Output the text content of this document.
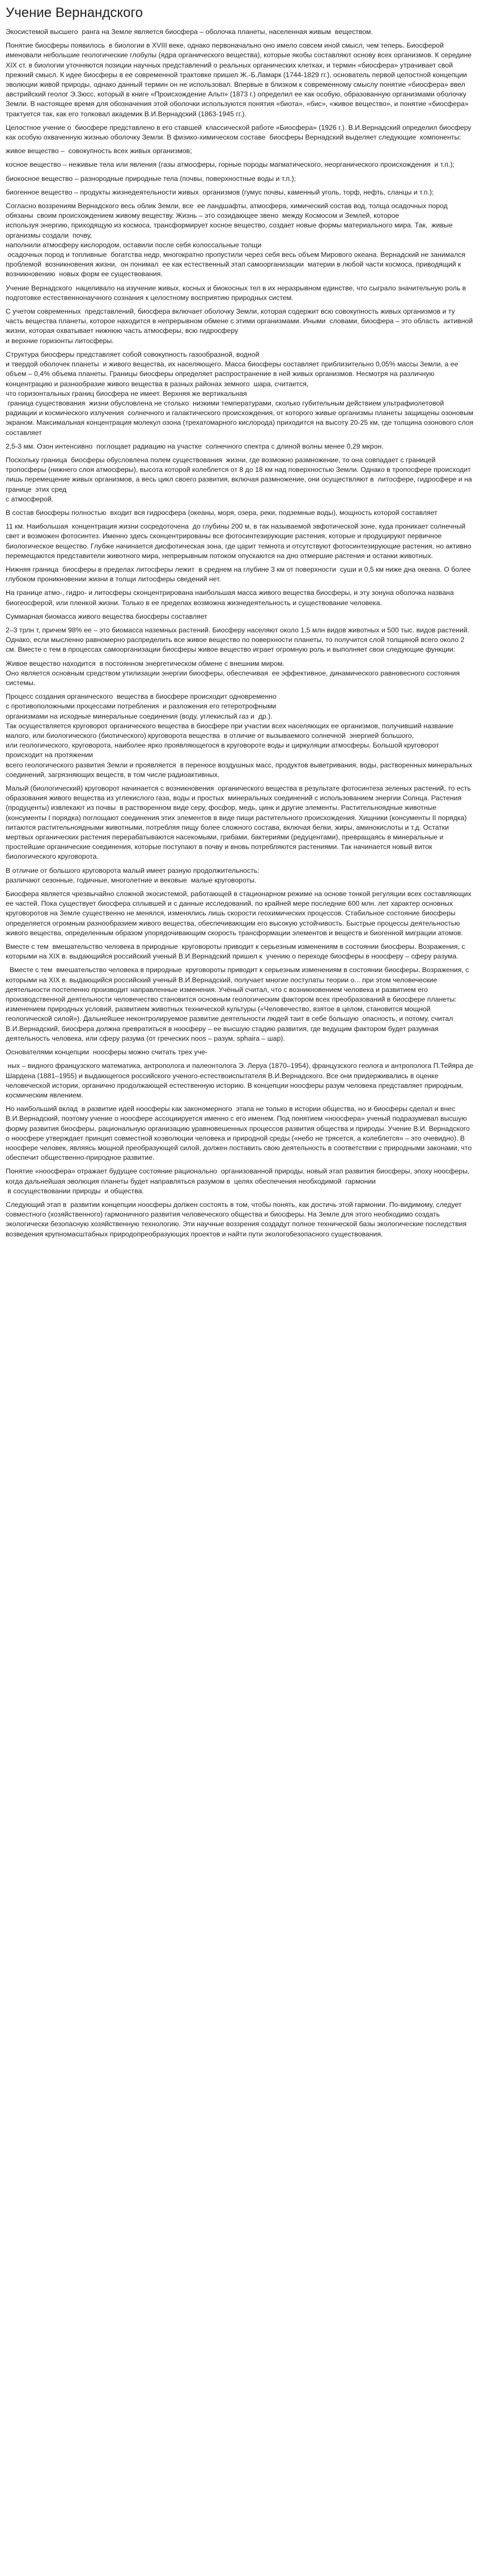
Учение Вернандского

Экосистемой высшего  ранга на Земле является биосфера – оболочка планеты, населенная живым  веществом.

Понятие биосферы появилось  в биологии в XVIII веке, однако первоначально оно имело совсем иной смысл, чем теперь. Биосферой именовали небольшие геологические глобулы (ядра органического вещества), которые якобы составляют основу всех организмов. К середине XIX ст. в биологии уточняются позиции научных представлений о реальных органических клетках, и термин «биосфера» утрачивает свой прежний смысл. К идее биосферы в ее современной трактовке пришел Ж.-Б.Ламарк (1744-1829 гг.), основатель первой целостной концепции эволюции живой природы, однако данный термин он не использовал. Впервые в близком к современному смыслу понятие «биосфера» ввел австрийский геолог Э.Зюсс, который в книге «Происхождение Альп» (1873 г.) определил ее как особую, образованную организмами оболочку Земли. В настоящее время для обозначения этой оболочки используются понятия «биота», «бис», «живое вещество», и понятие «биосфера» трактуется так, как его толковал академик В.И.Вернадский (1863-1945 гг.).

Целостное учение о  биосфере представлено в его ставшей  классической работе «Биосфера» (1926 г.). В.И.Вернадский определил биосферу как особую охваченную жизнью оболочку Земли. В физико-химическом составе  биосферы Вернадский выделяет следующие  компоненты:

живое вещество –  совокупность всех живых организмов;

косное вещество – неживые тела или явления (газы атмосферы, горные породы магматического, неорганического происхождения  и т.п.);

биокосное вещество – разнородные природные тела (почвы, поверхностные воды и т.п.);

биогенное вещество – продукты жизнедеятельности живых  организмов (гумус почвы, каменный уголь, торф, нефть, сланцы и т.п.);

Согласно воззрениям Вернадского весь облик Земли, все  ее ландшафты, атмосфера, химический состав вод, толща осадочных пород обязаны  своим происхождением живому веществу. Жизнь – это созидающее звено  между Космосом и Землей, которое
используя энергию, приходящую из космоса, трансформирует косное вещество, создает новые формы материального мира. Так,  живые организмы создали  почву,
наполнили атмосферу кислородом, оставили после себя колоссальные толщи
осадочных пород и топливные  богатства недр, многократно пропустили через себя весь объем Мирового океана. Вернадский не занимался проблемой  возникновения жизни,  он понимал  ее как естественный этап самоорганизации  материи в любой части космоса, приводящий к возникновению  новых форм ее существования.

Учение Вернадского  нацеливало на изучение живых, косных и биокосных тел в их неразрывном единстве, что сыграло значительную роль в подготовке естественнонаучного сознания к целостному восприятию природных систем.

С учетом современных  представлений, биосфера включает оболочку Земли, которая содержит всю совокупность живых организмов и ту часть вещества планеты, которое находится в непрерывном обмене с этими организмами. Иными  словами, биосфера – это область  активной жизни, которая охватывает нижнюю часть атмосферы, всю гидросферу
и верхние горизонты литосферы.

Структура биосферы представляет собой совокупность газообразной, водной
и твердой оболочек планеты  и живого вещества, их населяющего. Масса биосферы составляет приблизительно 0,05% массы Земли, а ее объем – 0,4% объема планеты. Границы биосферы определяет распространение в ней живых организмов. Несмотря на различную концентрацию и разнообразие живого вещества в разных районах земного  шара, считается,
что горизонтальных границ биосфера не имеет. Верхняя же вертикальная
граница существования  жизни обусловлена не столько  низкими температурами, сколько губительным действием ультрафиолетовой радиации и космического излучения  солнечного и галактического происхождения, от которого живые организмы планеты защищены озоновым экраном. Максимальная концентрация молекул озона (трехатомарного кислорода) приходится на высоту 20-25 км, где толщина озонового слоя составляет

2,5-3 мм. Озон интенсивно  поглощает радиацию на участке  солнечного спектра с длиной волны менее 0,29 мкрон.

Поскольку граница  биосферы обусловлена полем существования  жизни, где возможно размножение, то она совпадает с границей тропосферы (нижнего слоя атмосферы), высота которой колеблется от 8 до 18 км над поверхностью Земли. Однако в тропосфере происходит лишь перемещение живых организмов, а весь цикл своего развития, включая размножение, они осуществляют в  литосфере, гидросфере и на границе  этих сред
с атмосферой.

В состав биосферы полностью  входит вся гидросфера (океаны, моря, озера, реки, подземные воды), мощность которой составляет

11 км. Наибольшая  концентрация жизни сосредоточена  до глубины 200 м, в так называемой эвфотической зоне, куда проникает солнечный свет и возможен фотосинтез. Именно здесь сконцентрированы все фотосинтезирующие растения, которые и продуцируют первичное биологическое вещество. Глубже начинается дисфотическая зона, где царит темнота и отсутствуют фотосинтезирующие растения, но активно перемещаются представители животного мира, непрерывным потоком опускаются на дно отмершие растения и останки животных.

Нижняя граница  биосферы в пределах литосферы лежит  в среднем на глубине 3 км от поверхности  суши и 0,5 км ниже дна океана. О более  глубоком проникновении жизни в толщи литосферы сведений нет.

На границе атмо-, гидро- и литосферы сконцентрирована наибольшая масса живого вещества биосферы, и эту зонуна оболочка названа биогеосферой, или пленкой жизни. Только в ее пределах возможна жизнедеятельность и существование человека.

Суммарная биомасса живого вещества биосферы составляет

2–3 трлн т, причем 98% ее – это биомасса наземных растений. Биосферу населяют около 1,5 млн видов животных и 500 тыс. видов растений. Однако, если мысленно равномерно распределить все живое вещество по поверхности планеты, то получится слой толщиной всего около 2 см. Вместе с тем в процессах самоорганизации биосферы живое вещество играет огромную роль и выполняет свои следующие функции:

Живое вещество находится  в постоянном энергетическом обмене с внешним миром.
Оно является основным средством утилизации энергии биосферы, обеспечивая  ее эффективное, динамического равновесного состояния системы.

Процесс создания органического  вещества в биосфере происходит одновременно
с противоположными процессами потребления  и разложения его гетеротрофными
организмами на исходные минеральные соединения (воду, углекислый газ и  др.).
Так осуществляется круговорот органического вещества в биосфере при участии всех населяющих ее организмов, получивший название малого, или биологического (биотического) круговорота вещества  в отличие от вызываемого солнечной  энергией большого,
или геологического, круговорота, наиболее ярко проявляющегося в круговороте воды и циркуляции атмосферы. Большой круговорот происходит на протяжении
всего геологического развития Земли и проявляется  в переносе воздушных масс, продуктов выветривания, воды, растворенных минеральных соединений, загрязняющих веществ, в том числе радиоактивных.

Малый (биологический) круговорот начинается с возникновения  органического вещества в результате фотосинтеза зеленых растений, то есть образования живого вещества из углекислого газа, воды и простых  минеральных соединений с использованием энергии Солнца. Растения (продуценты) извлекают из почвы  в растворенном виде серу, фосфор, медь, цинк и другие элементы. Растительноядные животные (консументы I порядка) поглощают соединения этих элементов в виде пищи растительного происхождения. Хищники (консументы II порядка) питаются растительноядными животными, потребляя пищу более сложного состава, включая белки, жиры, аминокислоты и т.д. Остатки мертвых органических растения перерабатываются насекомыми, грибами, бактериями (редуцентами), превращаясь в минеральные и простейшие органические соединения, которые поступают в почву и вновь потребляются растениями. Так начинается новый виток биологического круговорота.

В отличие от большого круговорота малый имеет разную продолжительность:
различают сезонные, годичные, многолетние и вековые  малые круговороты.

Биосфера является чрезвычайно сложной экосистемой, работающей в стационарном режиме на основе тонкой регуляции всех составляющих ее частей. Пока существует биосфера сплывшей и с данные исследований, по крайней мере последние 600 млн. лет характер основных круговоротов на Земле существенно не менялся, изменялись лишь скорости геохимических процессов. Стабильное состояние биосферы определяется огромным разнообразием живого вещества, обеспечивающим его высокую устойчивость. Быстрые процессы деятельностью живого вещества, определенным образом упорядочивающим скорость трансформации элементов и веществ и биогенной миграции атомов.

Вместе с тем  вмешательство человека в природные  круговороты приводит к серьезным изменениям в состоянии биосферы. Возражения, с которыми на XIX в. выдающийся российский ученый В.И.Вернадский пришел к  учению о переходе биосферы в ноосферу – сферу разума.

Вместе с тем  вмешательство человека в природные  круговороты приводит к серьезным изменениям в состоянии биосферы. Возражения, с которыми на XIX в. выдающийся российский ученый В.И.Вернадский, получает многие постулаты теории о... при этом человеческие деятельности постепенно производит направленные изменения. Учёный считал, что с возникновением человека и развитием его производственной деятельности человечество становится основным геологическим фактором всех преобразований в биосфере планеты: изменением природных условий, развитием животных технической культуры («Человечество, взятое в целом, становится мощной геологической силой»). Дальнейшее неконтролируемое развитие деятельности людей таит в себе большую  опасность, и потому, считал В.И.Вернадский, биосфера должна превратиться в ноосферу – ее высшую стадию развития, где ведущим фактором будет разумная деятельность человека, или сферу разума (от греческих noos – разум, sphaira – шар).

Основателями концепции  ноосферы можно считать трех уче-

ных – видного французского математика, антрополога и палеонтолога Э. Леруа (1870–1954), французского геолога и антрополога П.Тейяра де Шардена (1881–1955) и выдающегося российского ученого-естествоиспытателя В.И.Вернадского. Все они придерживались в оценке человеческой истории, органично продолжающей естественную историю. В концепции ноосферы разум человека представляет природным, космическим явлением.

Но наибольший вклад  в развитие идей ноосферы как закономерного  этапа не только в истории общества, но и биосферы сделал и внес В.И.Вернадский, поэтому учение о ноосфере ассоциируется именно с его именем. Под понятием «ноосфера» ученый подразумевал высшую форму развития биосферы, рациональную организацию уравновешенных процессов развития общества и природы. Учение В.И. Вернадского о ноосфере утверждает принцип совместной коэволюции человека и природной среды («небо не трясется, а колеблется» – это очевидно). В ноосфере человек, являясь мощной преобразующей силой, должен поставить свою деятельность в соответствии с природными законами, что обеспечит общественно-природное развитие.

Понятие «ноосфера» отражает будущее состояние рационально  организованной природы, новый этап развития биосферы, эпоху ноосферы, когда дальнейшая эволюция планеты будет направляться разумом в  целях обеспечения необходимой  гармонии
в сосуществовании природы  и общества.

Следующий этап в  развитии концепции ноосферы должен состоять в том, чтобы понять, как достичь этой гармонии. По-видимому, следует совместного (хозяйственного) гармоничного развития человеческого общества и биосферы. На Земле для этого необходимо создать экологически безопасную хозяйственную технологию. Эти научные воззрения создадут полное технической базы экологические последствия возведения крупномасштабных природопреобразующих проектов и найти пути экологобезопасного существования.
